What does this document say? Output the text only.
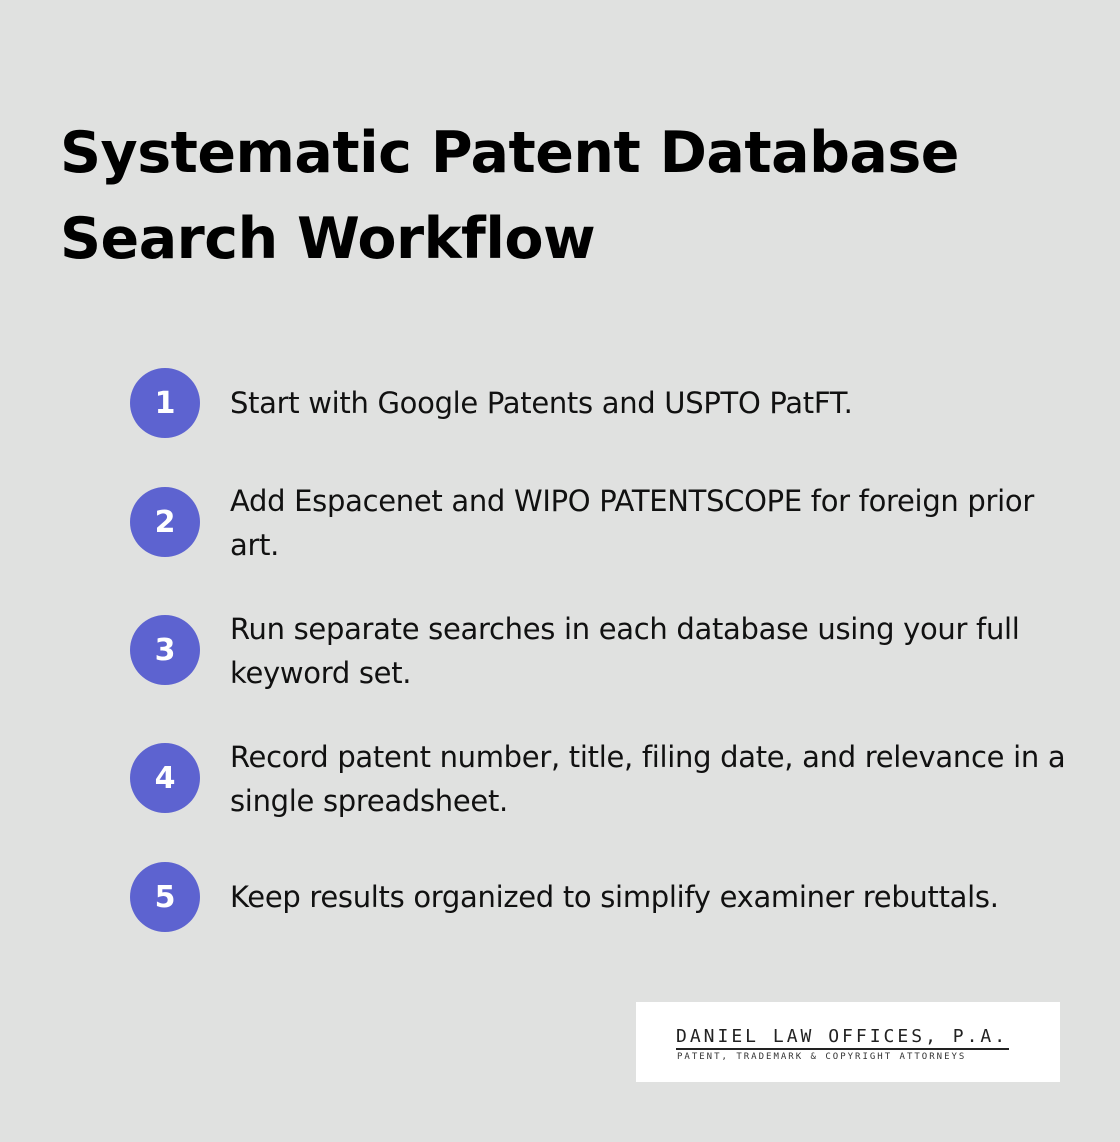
Systematic Patent Database Search Workflow
1	Start with Google Patents and USPTO PatFT.
2
Add Espacenet and WIPO PATENTSCOPE for foreign prior art.
3
Run separate searches in each database using your full keyword set.
4
Record patent number, title, filing date, and relevance in a single spreadsheet.
5	Keep results organized to simplify examiner rebuttals.
DANIEL LAW OFFICES, P.A.
PATENT, TRADEMARK & COPYRIGHT ATTORNEYS
